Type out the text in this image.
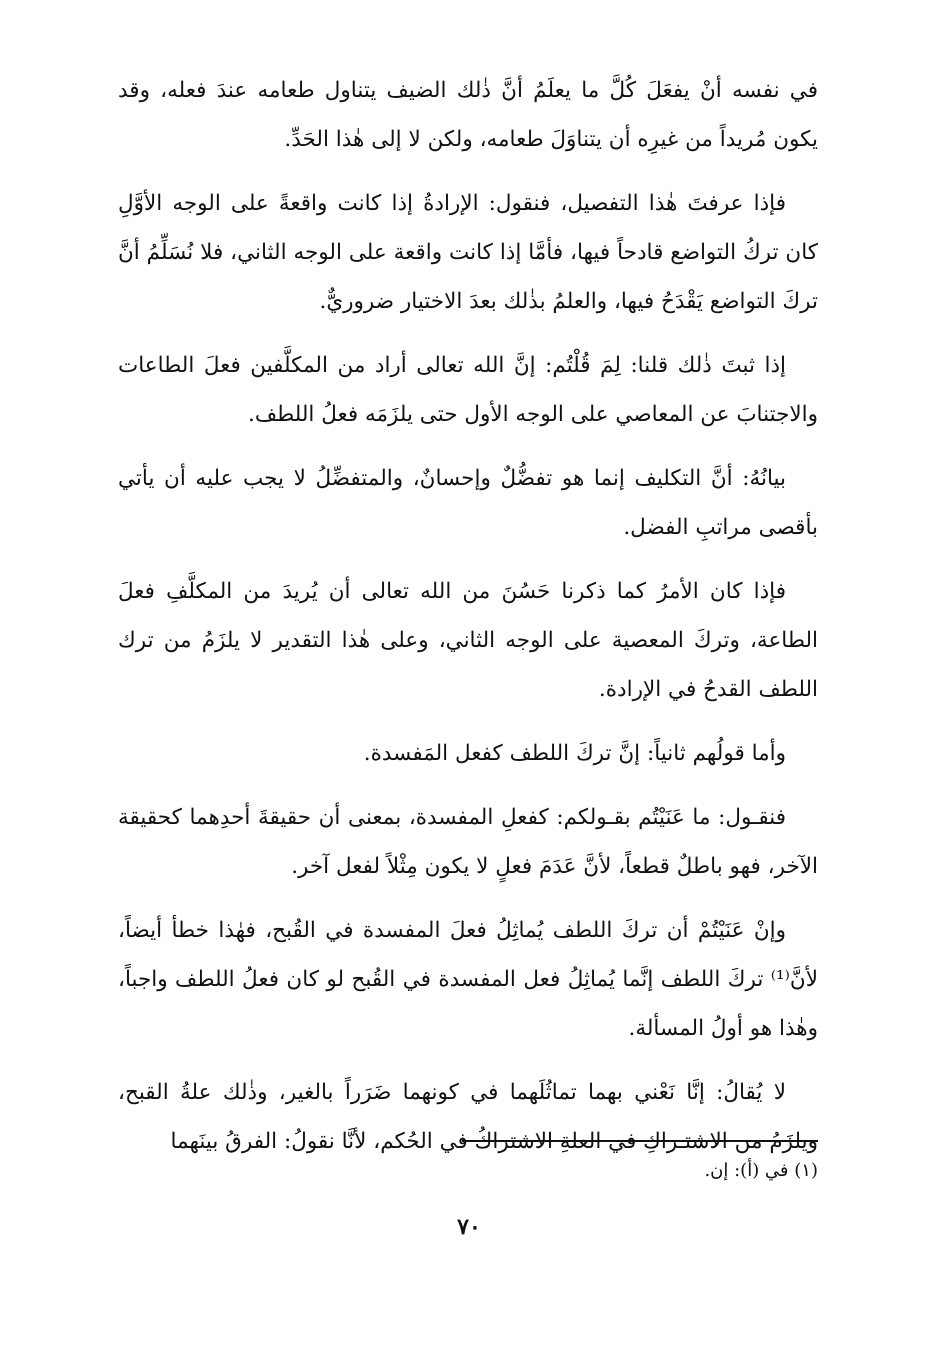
في نفسه أنْ يفعَلَ كُلَّ ما يعلَمُ أنَّ ذٰلك الضيف يتناول طعامه عندَ فعله، وقد يكون مُريداً من غيرِه أن يتناوَلَ طعامه، ولكن لا إلى هٰذا الحَدِّ.

فإذا عرفتَ هٰذا التفصيل، فنقول: الإرادةُ إذا كانت واقعةً على الوجه الأوَّلِ كان تركُ التواضع قادحاً فيها، فأمَّا إذا كانت واقعة على الوجه الثاني، فلا نُسَلِّمُ أنَّ تركَ التواضع يَقْدَحُ فيها، والعلمُ بذٰلك بعدَ الاختيار ضروريٌّ.

إذا ثبتَ ذٰلك قلنا: لِمَ قُلْتُم: إنَّ الله تعالى أراد من المكلَّفين فعلَ الطاعات والاجتنابَ عن المعاصي على الوجه الأول حتى يلزَمَه فعلُ اللطف.

بيانُهُ: أنَّ التكليف إنما هو تفضُّلٌ وإحسانٌ، والمتفضِّلُ لا يجب عليه أن يأتي بأقصى مراتبِ الفضل.

فإذا كان الأمرُ كما ذكرنا حَسُنَ من الله تعالى أن يُريدَ من المكلَّفِ فعلَ الطاعة، وتركَ المعصية على الوجه الثاني، وعلى هٰذا التقدير لا يلزَمُ من ترك اللطف القدحُ في الإرادة.

وأما قولُهم ثانياً: إنَّ تركَ اللطف كفعل المَفسدة.

فنقـول: ما عَنَيْتُم بقـولكم: كفعلِ المفسدة، بمعنى أن حقيقةَ أحدِهما كحقيقة الآخر، فهو باطلٌ قطعاً، لأنَّ عَدَمَ فعلٍ لا يكون مِثْلاً لفعل آخر.

وإنْ عَنَيْتُمْ أن تركَ اللطف يُماثِلُ فعلَ المفسدة في القُبح، فهٰذا خطأ أيضاً، لأنَّ⁽¹⁾ تركَ اللطف إنَّما يُماثِلُ فعل المفسدة في القُبح لو كان فعلُ اللطف واجباً، وهٰذا هو أولُ المسألة.

لا يُقالُ: إنَّا نَعْني بهما تماثُلَهما في كونهما ضَرَراً بالغير، وذٰلك علةُ القبح، ويلزَمُ من الاشتـراكِ في العلةِ الاشتراكُ في الحُكم، لأنَّا نقولُ: الفرقُ بينَهما

(١) في (أ): إن.
٧٠
